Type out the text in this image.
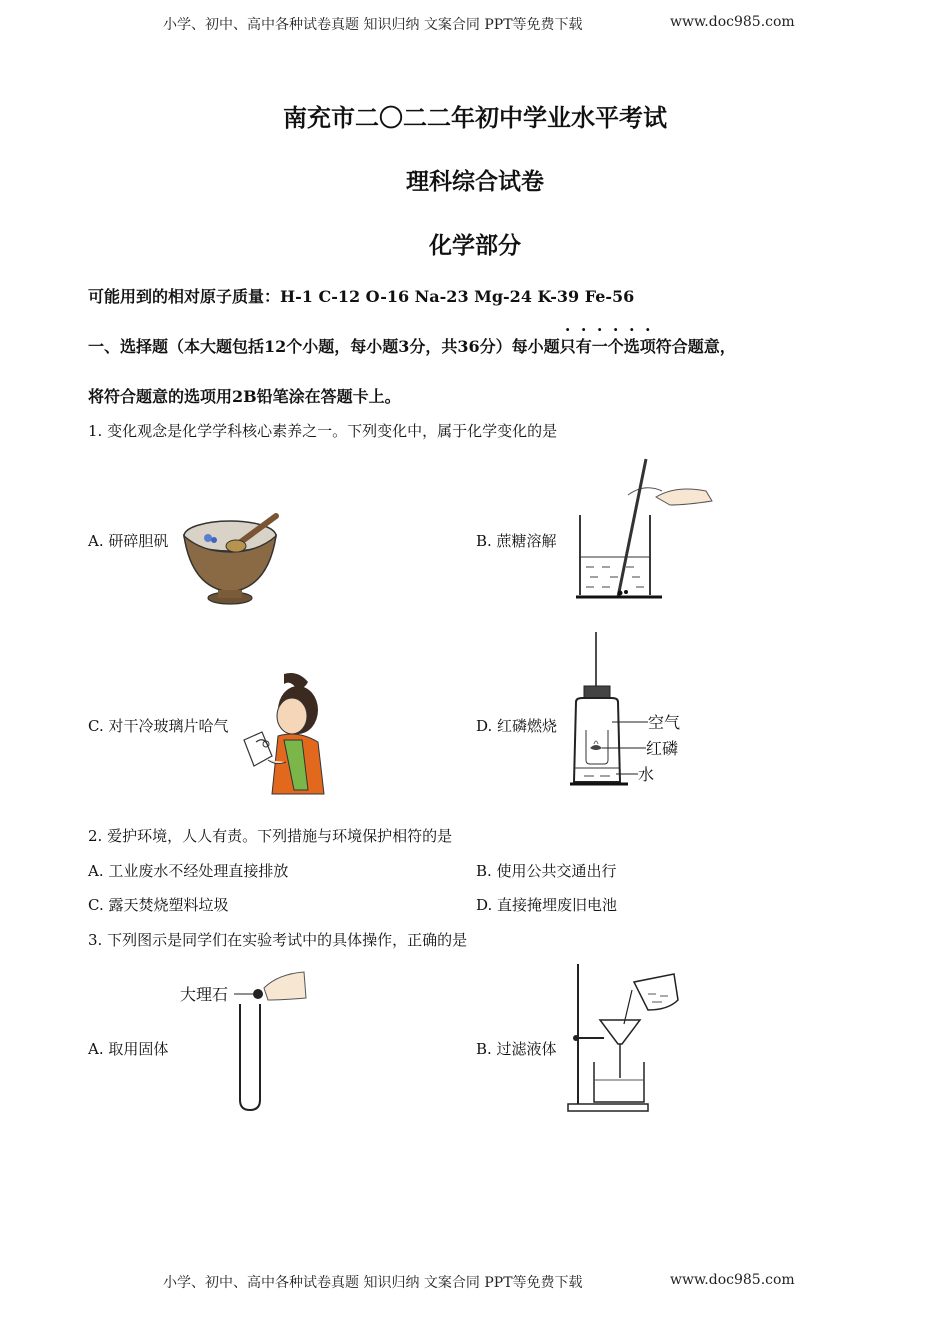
小学、初中、高中各种试卷真题 知识归纳 文案合同 PPT等免费下载	www.doc985.com
南充市二〇二二年初中学业水平考试
理科综合试卷
化学部分
可能用到的相对原子质量：H-1 C-12 O-16 Na-23 Mg-24 K-39 Fe-56
一、选择题（本大题包括12个小题，每小题3分，共36分）每小题只有一个选项符合题意，
将符合题意的选项用2B铅笔涂在答题卡上。
1. 变化观念是化学学科核心素养之一。下列变化中，属于化学变化的是
A. 研碎胆矾	B. 蔗糖溶解
C. 对干冷玻璃片哈气	D. 红磷燃烧	空气
红磷
水
2. 爱护环境，人人有责。下列措施与环境保护相符的是
A. 工业废水不经处理直接排放	B. 使用公共交通出行
C. 露天焚烧塑料垃圾	D. 直接掩埋废旧电池
3. 下列图示是同学们在实验考试中的具体操作，正确的是
A. 取用固体
大理石
B. 过滤液体
小学、初中、高中各种试卷真题 知识归纳 文案合同 PPT等免费下载	www.doc985.com
